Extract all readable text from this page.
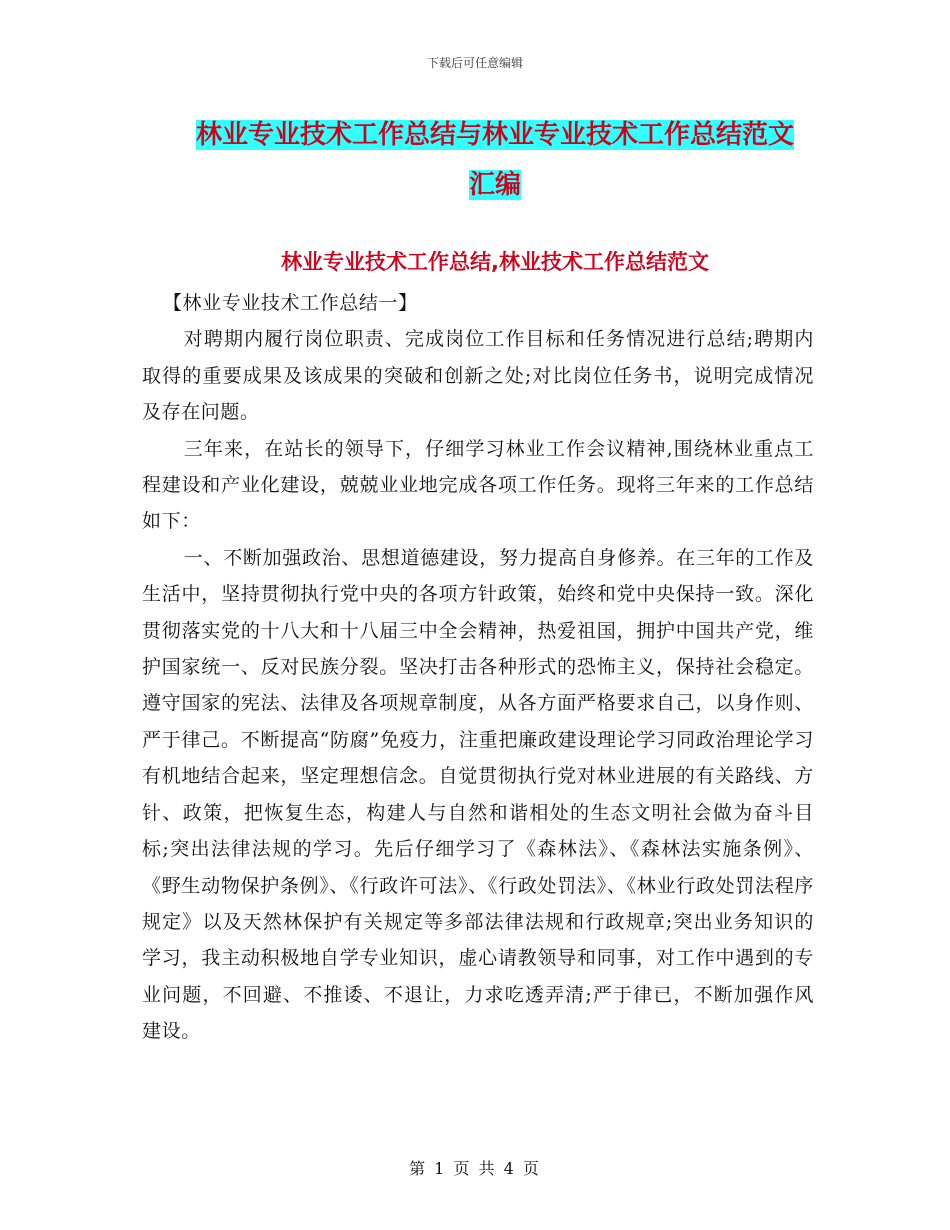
下载后可任意编辑
林业专业技术工作总结与林业专业技术工作总结范文
汇编
林业专业技术工作总结,林业技术工作总结范文

【林业专业技术工作总结一】

对聘期内履行岗位职责、完成岗位工作目标和任务情况进行总结;聘期内取得的重要成果及该成果的突破和创新之处;对比岗位任务书，说明完成情况及存在问题。

三年来，在站长的领导下，仔细学习林业工作会议精神,围绕林业重点工程建设和产业化建设，兢兢业业地完成各项工作任务。现将三年来的工作总结如下：

一、不断加强政治、思想道德建设，努力提高自身修养。在三年的工作及生活中，坚持贯彻执行党中央的各项方针政策，始终和党中央保持一致。深化贯彻落实党的十八大和十八届三中全会精神，热爱祖国，拥护中国共产党，维护国家统一、反对民族分裂。坚决打击各种形式的恐怖主义，保持社会稳定。遵守国家的宪法、法律及各项规章制度，从各方面严格要求自己，以身作则、严于律己。不断提高“防腐”免疫力，注重把廉政建设理论学习同政治理论学习有机地结合起来，坚定理想信念。自觉贯彻执行党对林业进展的有关路线、方针、政策，把恢复生态，构建人与自然和谐相处的生态文明社会做为奋斗目标;突出法律法规的学习。先后仔细学习了《森林法》、《森林法实施条例》、《野生动物保护条例》、《行政许可法》、《行政处罚法》、《林业行政处罚法程序规定》以及天然林保护有关规定等多部法律法规和行政规章;突出业务知识的学习，我主动积极地自学专业知识，虚心请教领导和同事，对工作中遇到的专业问题，不回避、不推诿、不退让，力求吃透弄清;严于律已，不断加强作风建设。

第 1 页 共 4 页
